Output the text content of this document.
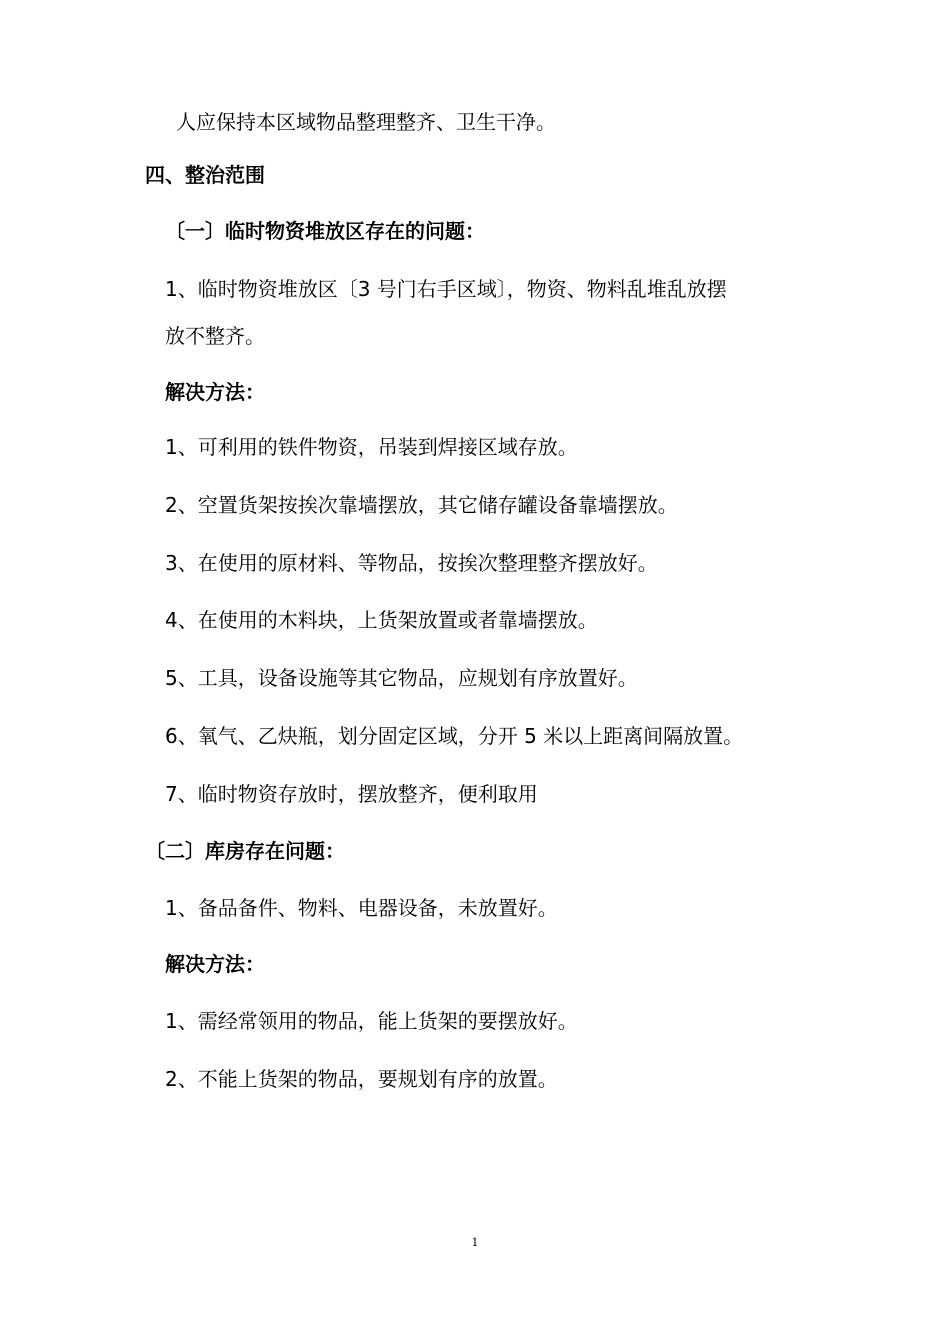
人应保持本区域物品整理整齐、卫生干净。
四、整治范围
〔一〕临时物资堆放区存在的问题：
1、临时物资堆放区〔3 号门右手区域〕，物资、物料乱堆乱放摆
放不整齐。
解决方法：
1、可利用的铁件物资，吊装到焊接区域存放。
2、空置货架按挨次靠墙摆放，其它储存罐设备靠墙摆放。
3、在使用的原材料、等物品，按挨次整理整齐摆放好。
4、在使用的木料块，上货架放置或者靠墙摆放。
5、工具，设备设施等其它物品，应规划有序放置好。
6、氧气、乙炔瓶，划分固定区域，分开 5 米以上距离间隔放置。
7、临时物资存放时，摆放整齐，便利取用
〔二〕库房存在问题：
1、备品备件、物料、电器设备，未放置好。
解决方法：
1、需经常领用的物品，能上货架的要摆放好。
2、不能上货架的物品，要规划有序的放置。
1
